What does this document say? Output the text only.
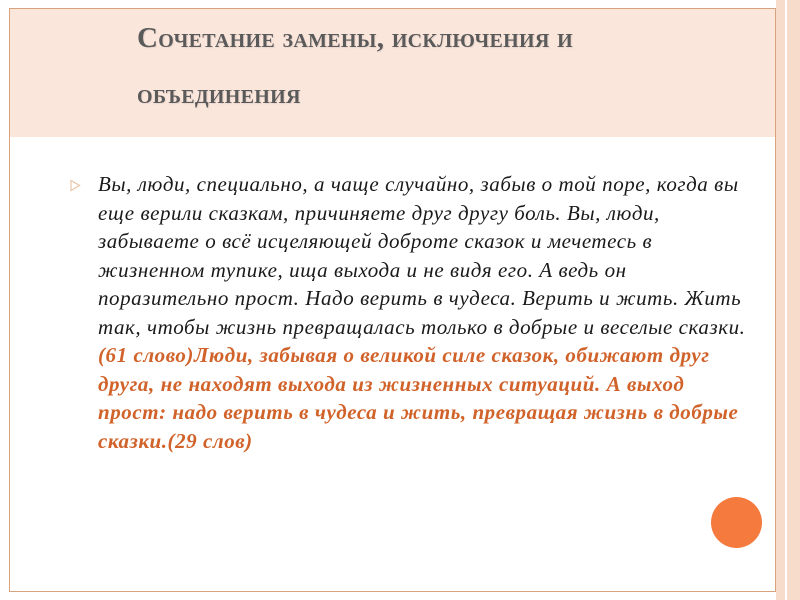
Сочетание замены, исключения и
объединения

Вы, люди, специально, а чаще случайно, забыв о той поре, когда вы еще верили сказкам, причиняете друг другу боль. Вы, люди, забываете о всё исцеляющей доброте сказок и мечетесь в жизненном тупике, ища выхода и не видя его. А ведь он поразительно прост. Надо верить в чудеса. Верить и жить. Жить так, чтобы жизнь превращалась только в добрые и веселые сказки.(61 слово)Люди, забывая о великой силе сказок, обижают друг друга, не находят выхода из жизненных ситуаций. А выход прост: надо верить в чудеса и жить, превращая жизнь в добрые сказки.(29 слов)
